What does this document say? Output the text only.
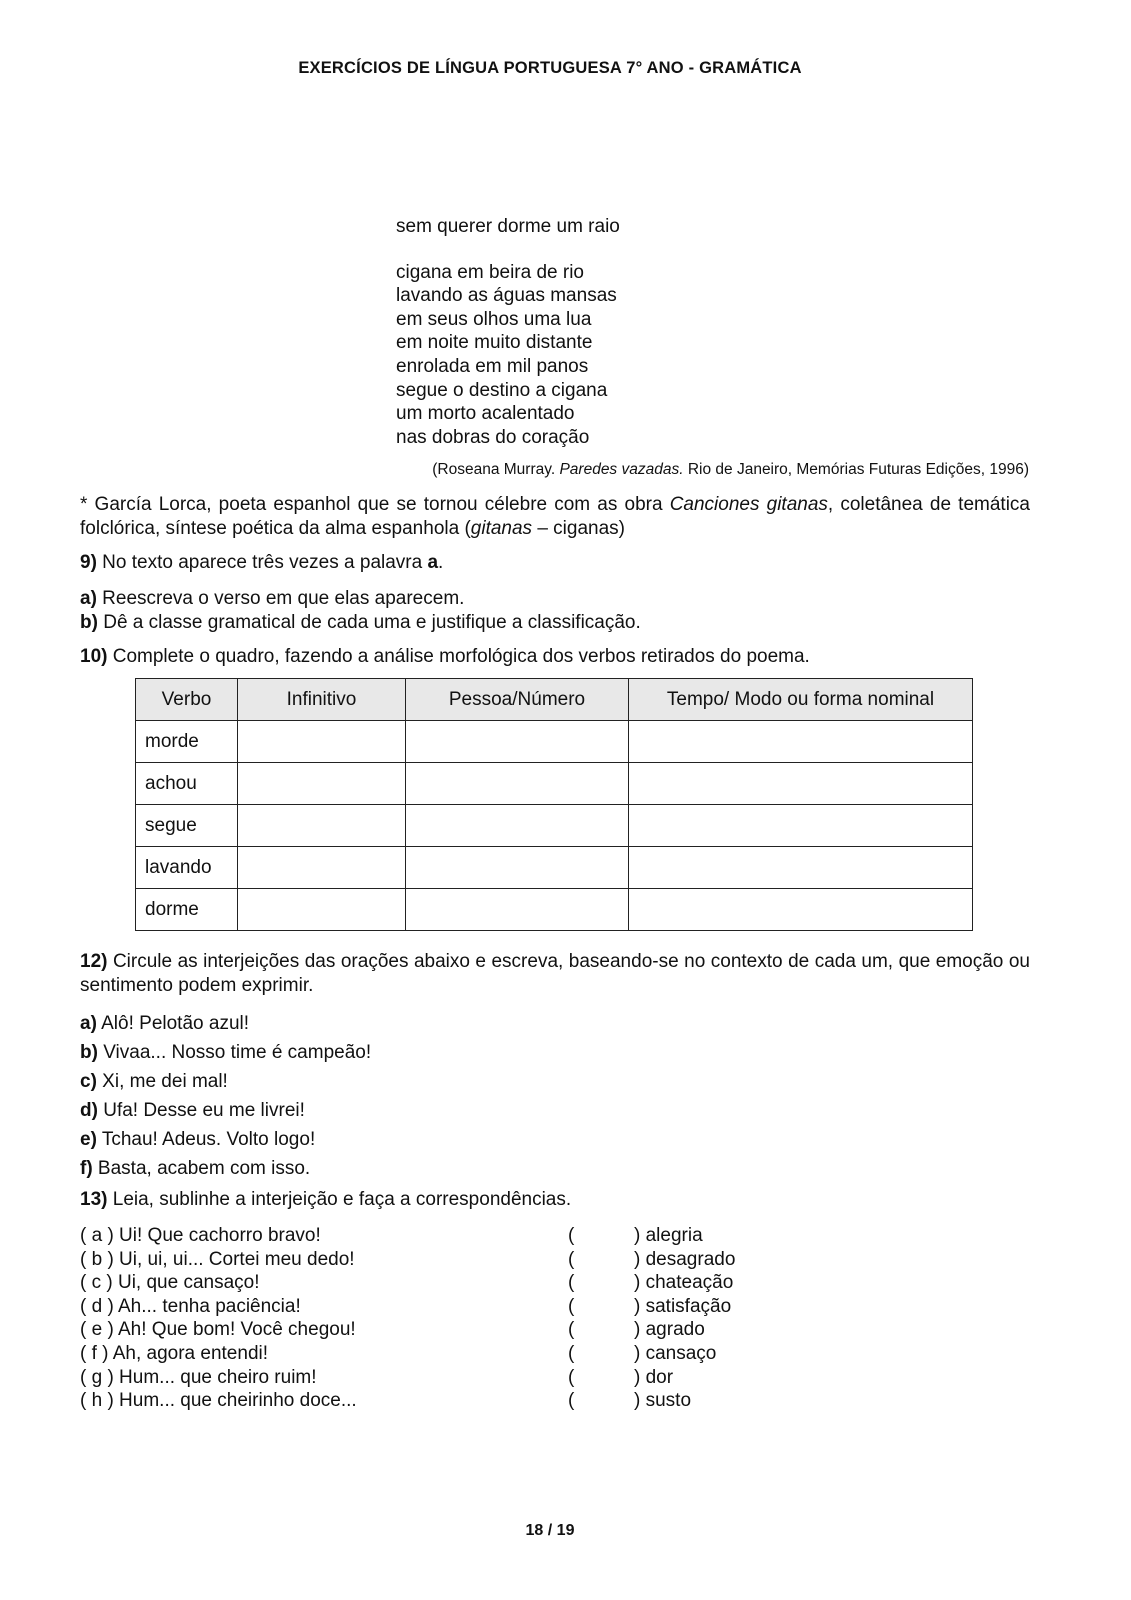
EXERCÍCIOS DE LÍNGUA PORTUGUESA 7° ANO - GRAMÁTICA
sem querer dorme um raio
cigana em beira de rio
lavando as águas mansas
em seus olhos uma lua
em noite muito distante
enrolada em mil panos
segue o destino a cigana
um morto acalentado
nas dobras do coração
(Roseana Murray. Paredes vazadas. Rio de Janeiro, Memórias Futuras Edições, 1996)
* García Lorca, poeta espanhol que se tornou célebre com as obra Canciones gitanas, coletânea de temática folclórica, síntese poética da alma espanhola (gitanas – ciganas)
9) No texto aparece três vezes a palavra a.
a) Reescreva o verso em que elas aparecem.
b) Dê a classe gramatical de cada uma e justifique a classificação.
10) Complete o quadro, fazendo a análise morfológica dos verbos retirados do poema.
Verbo	Infinitivo	Pessoa/Número	Tempo/ Modo ou forma nominal
morde			
achou			
segue			
lavando			
dorme			
12) Circule as interjeições das orações abaixo e escreva, baseando-se no contexto de cada um, que emoção ou sentimento podem exprimir.
a) Alô! Pelotão azul!
b) Vivaa... Nosso time é campeão!
c) Xi, me dei mal!
d) Ufa! Desse eu me livrei!
e) Tchau! Adeus. Volto logo!
f) Basta, acabem com isso.
13) Leia, sublinhe a interjeição e faça a correspondências.
( a ) Ui! Que cachorro bravo!	(	) alegria
( b ) Ui, ui, ui... Cortei meu dedo!	(	) desagrado
( c ) Ui, que cansaço!	(	) chateação
( d ) Ah... tenha paciência!	(	) satisfação
( e ) Ah! Que bom! Você chegou!	(	) agrado
( f ) Ah, agora entendi!	(	) cansaço
( g ) Hum... que cheiro ruim!	(	) dor
( h ) Hum... que cheirinho doce...	(	) susto
18 / 19
